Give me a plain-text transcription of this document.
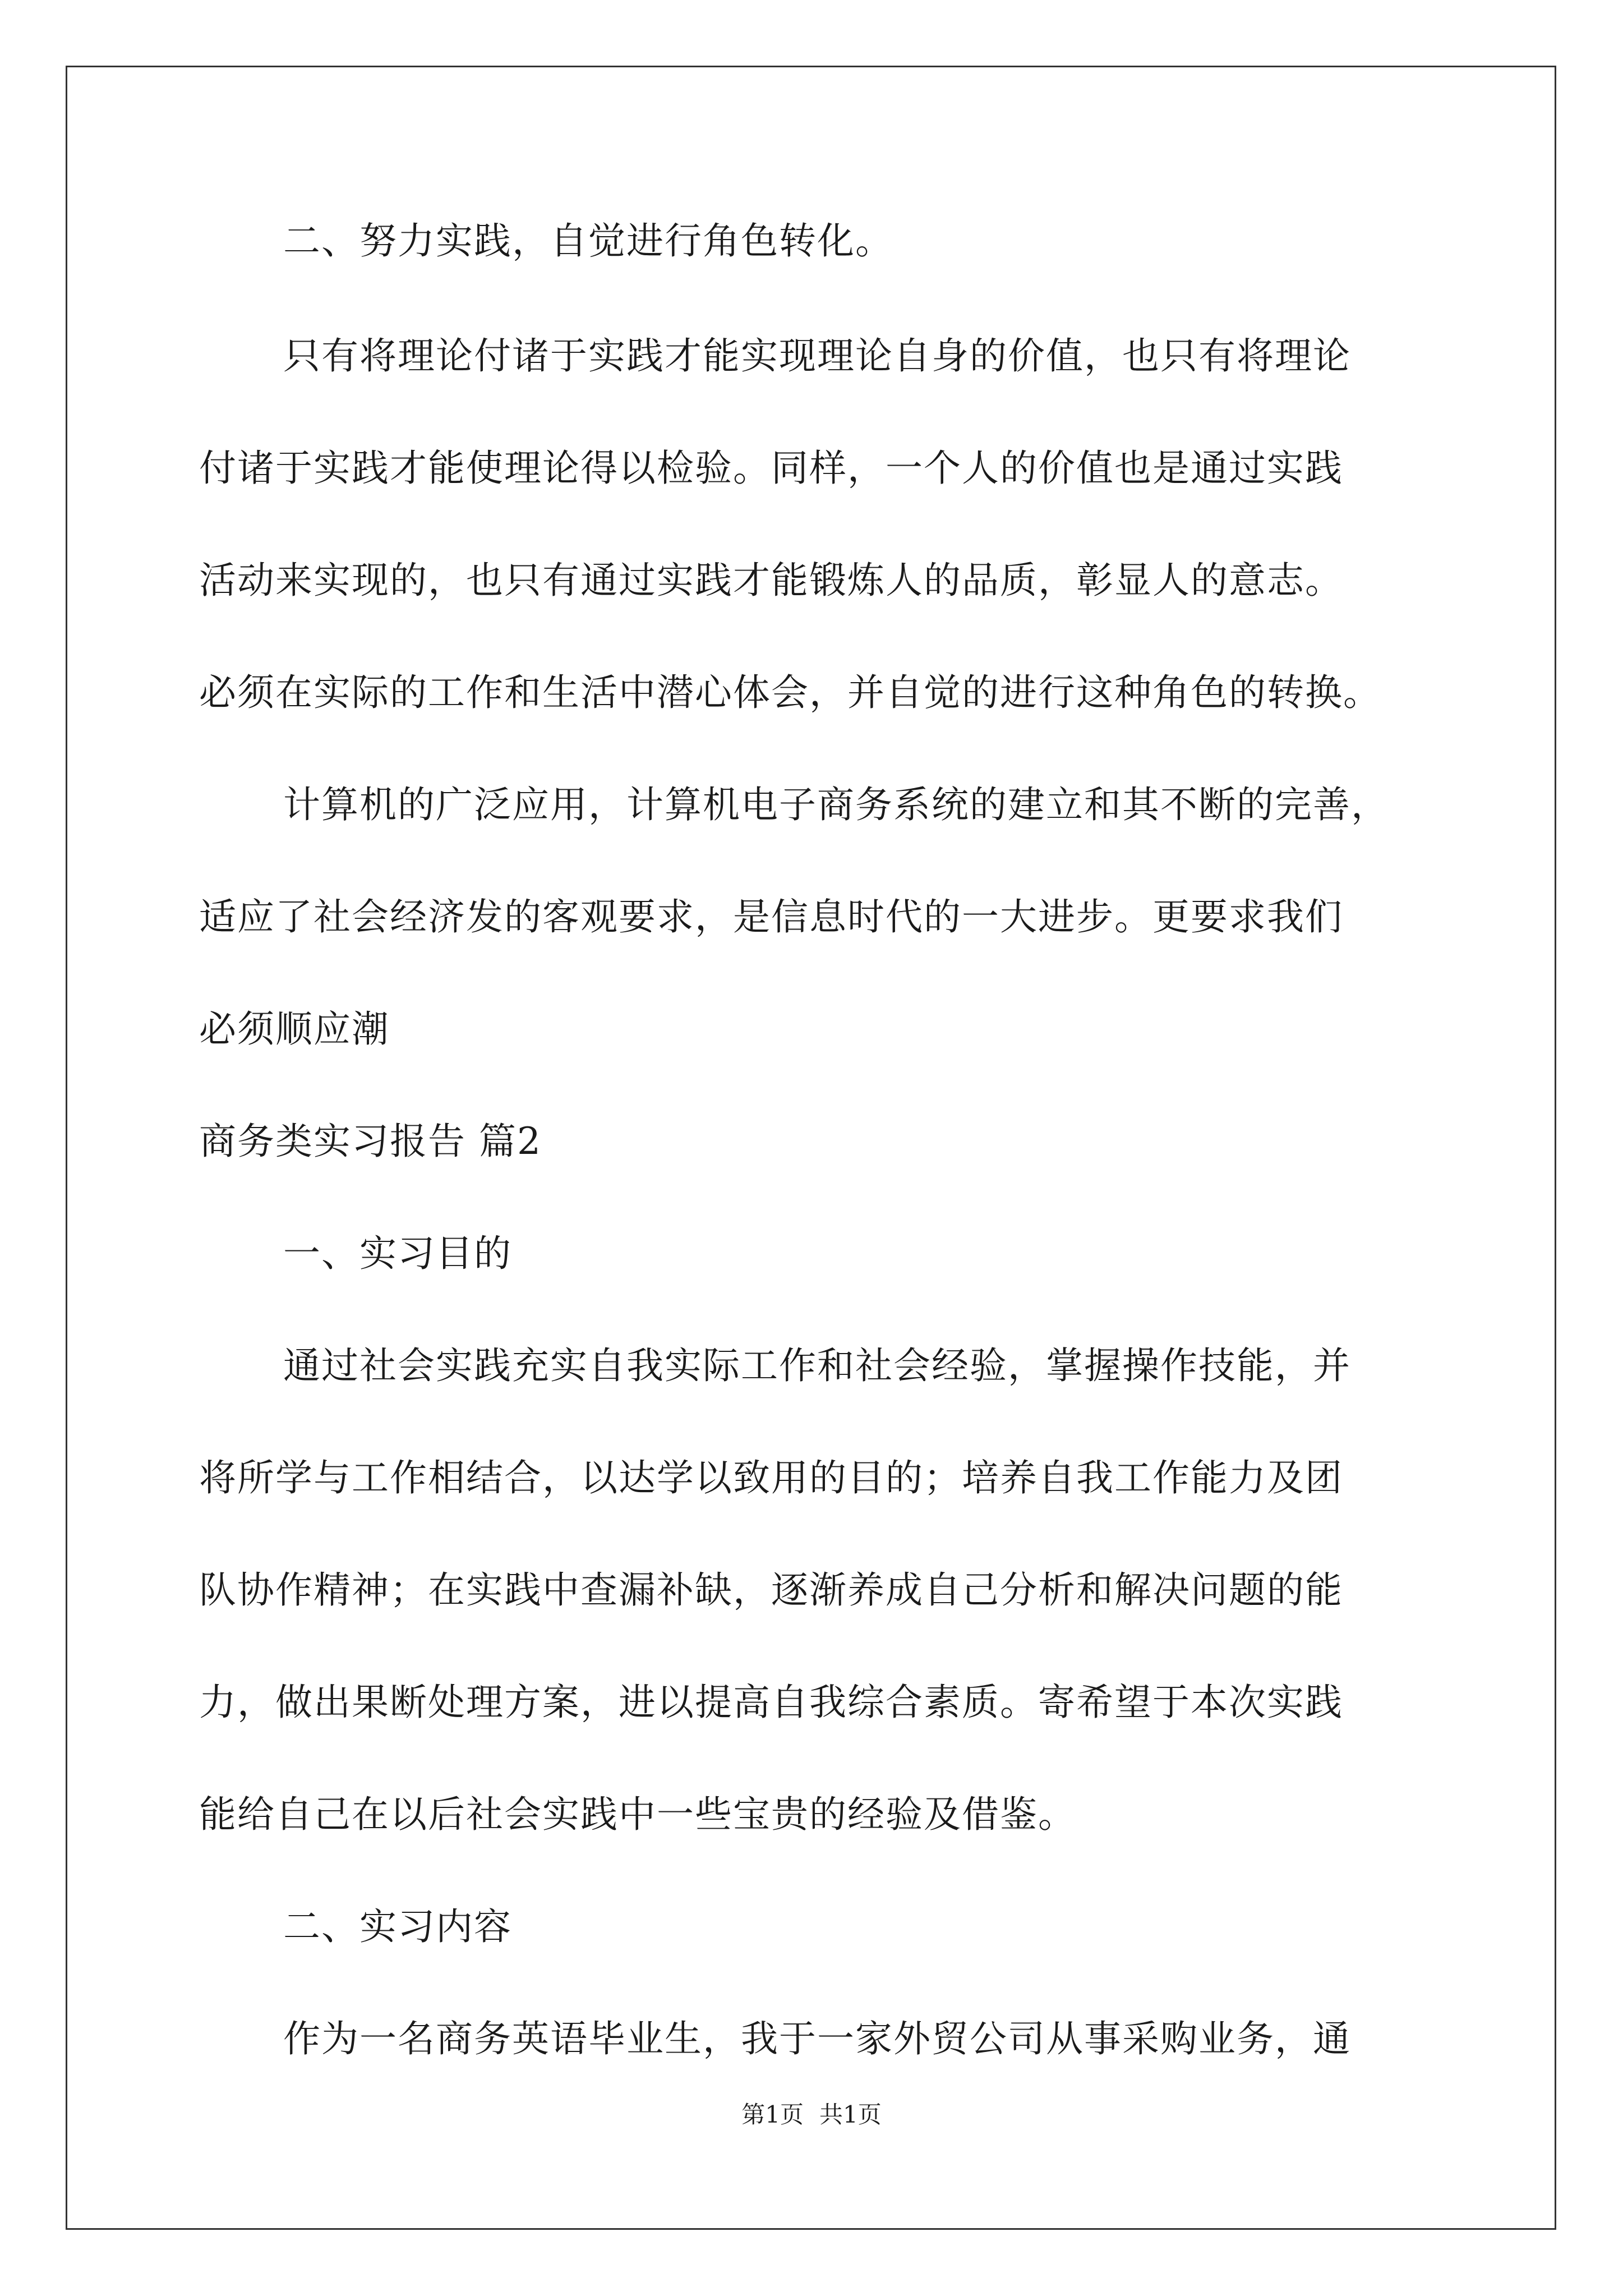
二、努力实践，自觉进行角色转化。
只有将理论付诸于实践才能实现理论自身的价值，也只有将理论
付诸于实践才能使理论得以检验。同样，一个人的价值也是通过实践
活动来实现的，也只有通过实践才能锻炼人的品质，彰显人的意志。
必须在实际的工作和生活中潜心体会，并自觉的进行这种角色的转换。
计算机的广泛应用，计算机电子商务系统的建立和其不断的完善，
适应了社会经济发的客观要求，是信息时代的一大进步。更要求我们
必须顺应潮
商务类实习报告 篇2
一、实习目的
通过社会实践充实自我实际工作和社会经验，掌握操作技能，并
将所学与工作相结合，以达学以致用的目的；培养自我工作能力及团
队协作精神；在实践中查漏补缺，逐渐养成自己分析和解决问题的能
力，做出果断处理方案，进以提高自我综合素质。寄希望于本次实践
能给自己在以后社会实践中一些宝贵的经验及借鉴。
二、实习内容
作为一名商务英语毕业生，我于一家外贸公司从事采购业务，通
第1页 共1页
